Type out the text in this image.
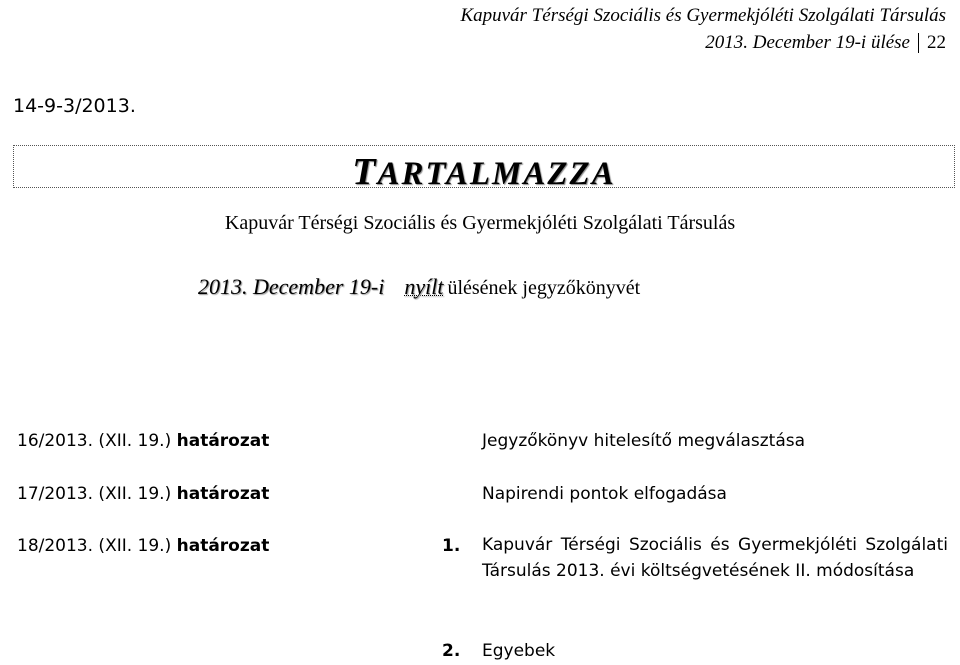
Kapuvár Térségi Szociális és Gyermekjóléti Szolgálati Társulás
2013. December 19-i ülése 22
14-9-3/2013.
TARTALMAZZA
Kapuvár Térségi Szociális és Gyermekjóléti Szolgálati Társulás
2013. December 19-i nyílt ülésének jegyzőkönyvét
16/2013. (XII. 19.) határozat	Jegyzőkönyv hitelesítő megválasztása
17/2013. (XII. 19.) határozat	Napirendi pontok elfogadása
18/2013. (XII. 19.) határozat	1. Kapuvár Térségi Szociális és Gyermekjóléti Szolgálati Társulás 2013. évi költségvetésének II. módosítása
2. Egyebek
